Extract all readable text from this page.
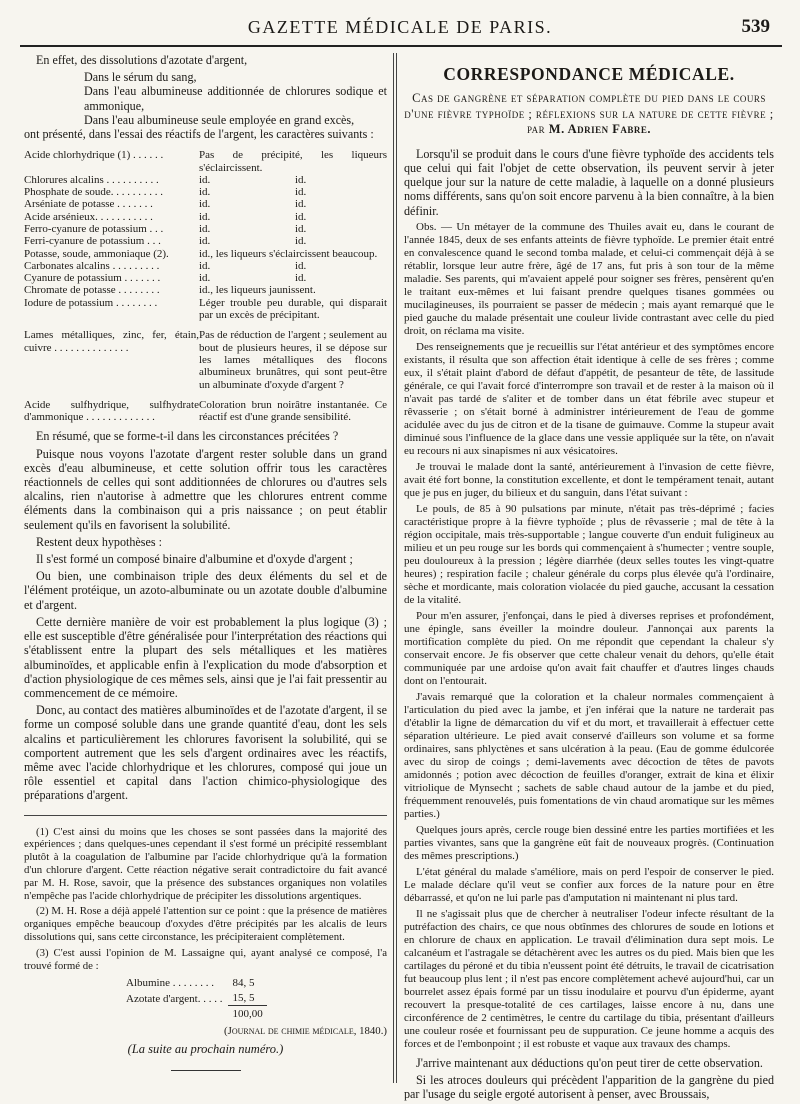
GAZETTE MÉDICALE DE PARIS.	539

En effet, des dissolutions d'azotate d'argent,

Dans le sérum du sang,

Dans l'eau albumineuse additionnée de chlorures sodique et ammonique,

Dans l'eau albumineuse seule employée en grand excès,

ont présenté, dans l'essai des réactifs de l'argent, les caractères suivants :

Acide chlorhydrique (1) . . . . . .	Pas de précipité, les liqueurs s'éclaircissent.	
Chlorures alcalins . . . . . . . . . .	id.	id.
Phosphate de soude. . . . . . . . . .	id.	id.
Arséniate de potasse . . . . . . .	id.	id.
Acide arsénieux. . . . . . . . . . .	id.	id.
Ferro-cyanure de potassium . . .	id.	id.
Ferri-cyanure de potassium . . .	id.	id.
Potasse, soude, ammoniaque (2).	id., les liqueurs s'éclaircissent beaucoup.	
Carbonates alcalins . . . . . . . . .	id.	id.
Cyanure de potassium . . . . . . .	id.	id.
Chromate de potasse . . . . . . . .	id., les liqueurs jaunissent.	
Iodure de potassium . . . . . . . .	Léger trouble peu durable, qui disparait par un excès de précipitant.	
Lames métalliques, zinc, fer, étain, cuivre . . . . . . . . . . . . . .	Pas de réduction de l'argent ; seulement au bout de plusieurs heures, il se dépose sur les lames métalliques des flocons albumineux brunâtres, qui sont peut-être un albuminate d'oxyde d'argent ?	
Acide sulfhydrique, sulfhydrate d'ammonique . . . . . . . . . . . . .	Coloration brun noirâtre instantanée. Ce réactif est d'une grande sensibilité.	

En résumé, que se forme-t-il dans les circonstances précitées ?

Puisque nous voyons l'azotate d'argent rester soluble dans un grand excès d'eau albumineuse, et cette solution offrir tous les caractères réactionnels de celles qui sont additionnées de chlorures ou d'autres sels alcalins, rien n'autorise à admettre que les chlorures entrent comme éléments dans la combinaison qui a pris naissance ; on peut établir seulement qu'ils en favorisent la solubilité.

Restent deux hypothèses :

Il s'est formé un composé binaire d'albumine et d'oxyde d'argent ;

Ou bien, une combinaison triple des deux éléments du sel et de l'élément protéique, un azoto-albuminate ou un azotate double d'albumine et d'argent.

Cette dernière manière de voir est probablement la plus logique (3) ; elle est susceptible d'être généralisée pour l'interprétation des réactions qui s'établissent entre la plupart des sels métalliques et les matières albuminoïdes, et applicable enfin à l'explication du mode d'absorption et d'action physiologique de ces mêmes sels, ainsi que je l'ai fait pressentir au commencement de ce mémoire.

Donc, au contact des matières albuminoïdes et de l'azotate d'argent, il se forme un composé soluble dans une grande quantité d'eau, dont les sels alcalins et particulièrement les chlorures favorisent la solubilité, qui se comportent autrement que les sels d'argent ordinaires avec les réactifs, même avec l'acide chlorhydrique et les chlorures, composé qui joue un rôle essentiel et capital dans l'action chimico-physiologique des préparations d'argent.

(1) C'est ainsi du moins que les choses se sont passées dans la majorité des expériences ; dans quelques-unes cependant il s'est formé un précipité ressemblant plutôt à la coagulation de l'albumine par l'acide chlorhydrique qu'à la formation d'un chlorure d'argent. Cette réaction négative serait contradictoire du fait avancé par M. H. Rose, savoir, que la présence des substances organiques non volatiles n'empêche pas l'acide chlorhydrique de précipiter les dissolutions argentiques.

(2) M. H. Rose a déjà appelé l'attention sur ce point : que la présence de matières organiques empêche beaucoup d'oxydes d'être précipités par les alcalis de leurs dissolutions qui, sans cette circonstance, les précipiteraient complètement.

(3) C'est aussi l'opinion de M. Lassaigne qui, ayant analysé ce composé, l'a trouvé formé de :

Albumine . . . . . . . .	84, 5
Azotate d'argent. . . . .	15, 5
	100,00
(Journal de chimie médicale, 1840.)
(La suite au prochain numéro.)
CORRESPONDANCE MÉDICALE.
Cas de gangrène et séparation complète du pied dans le cours d'une fièvre typhoïde ; réflexions sur la nature de cette fièvre ; par M. Adrien Fabre.

Lorsqu'il se produit dans le cours d'une fièvre typhoïde des accidents tels que celui qui fait l'objet de cette observation, ils peuvent servir à jeter quelque jour sur la nature de cette maladie, à laquelle on a donné plusieurs noms différents, sans qu'on soit encore parvenu à la bien connaître, à la bien définir.

Obs. — Un métayer de la commune des Thuiles avait eu, dans le courant de l'année 1845, deux de ses enfants atteints de fièvre typhoïde. Le premier était entré en convalescence quand le second tomba malade, et celui-ci commençait déjà à se rétablir, lorsque leur autre frère, âgé de 17 ans, fut pris à son tour de la même maladie. Ses parents, qui m'avaient appelé pour soigner ses frères, pensèrent qu'en le traitant eux-mêmes et lui faisant prendre quelques tisanes gommées ou mucilagineuses, ils pourraient se passer de médecin ; mais ayant remarqué que le pied gauche du malade présentait une couleur livide contrastant avec celle du pied droit, on réclama ma visite.

Des renseignements que je recueillis sur l'état antérieur et des symptômes encore existants, il résulta que son affection était identique à celle de ses frères ; comme eux, il s'était plaint d'abord de défaut d'appétit, de pesanteur de tête, de lassitude générale, ce qui l'avait forcé d'interrompre son travail et de rester à la maison où il n'avait pas tardé de s'aliter et de tomber dans un état fébrile avec stupeur et rêvasserie ; on s'était borné à administrer intérieurement de l'eau de gomme acidulée avec du jus de citron et de la tisane de guimauve. Comme la stupeur avait diminué sous l'influence de la glace dans une vessie appliquée sur la tête, on n'avait eu recours ni aux sinapismes ni aux vésicatoires.

Je trouvai le malade dont la santé, antérieurement à l'invasion de cette fièvre, avait été fort bonne, la constitution excellente, et dont le tempérament tenait, autant que je pus en juger, du bilieux et du sanguin, dans l'état suivant :

Le pouls, de 85 à 90 pulsations par minute, n'était pas très-déprimé ; facies caractéristique propre à la fièvre typhoïde ; plus de rêvasserie ; mal de tête à la région occipitale, mais très-supportable ; langue couverte d'un enduit fuligineux au milieu et un peu rouge sur les bords qui commençaient à s'humecter ; ventre souple, peu douloureux à la pression ; légère diarrhée (deux selles toutes les vingt-quatre heures) ; respiration facile ; chaleur générale du corps plus élevée qu'à l'ordinaire, sèche et mordicante, mais coloration violacée du pied gauche, accusant la cessation de la vitalité.

Pour m'en assurer, j'enfonçai, dans le pied à diverses reprises et profondément, une épingle, sans éveiller la moindre douleur. J'annonçai aux parents la mortification complète du pied. On me répondit que cependant la chaleur s'y conservait encore. Je fis observer que cette chaleur venait du dehors, qu'elle était communiquée par une ardoise qu'on avait fait chauffer et d'autres linges chauds dont on l'entourait.

J'avais remarqué que la coloration et la chaleur normales commençaient à l'articulation du pied avec la jambe, et j'en inférai que la nature ne tarderait pas d'établir la ligne de démarcation du vif et du mort, et travaillerait à effectuer cette séparation ultérieure. Le pied avait conservé d'ailleurs son volume et sa forme ordinaires, sans phlyctènes et sans ulcération à la peau. (Eau de gomme édulcorée avec du sirop de coings ; demi-lavements avec décoction de têtes de pavots amidonnés ; potion avec décoction de feuilles d'oranger, extrait de kina et élixir vitriolique de Mynsecht ; sachets de sable chaud autour de la jambe et du pied, fréquemment renouvelés, puis fomentations de vin chaud aromatique sur les mêmes parties.)

Quelques jours après, cercle rouge bien dessiné entre les parties mortifiées et les parties vivantes, sans que la gangrène eût fait de nouveaux progrès. (Continuation des mêmes prescriptions.)

L'état général du malade s'améliore, mais on perd l'espoir de conserver le pied. Le malade déclare qu'il veut se confier aux forces de la nature pour en être débarrassé, et qu'on ne lui parle pas d'amputation ni maintenant ni plus tard.

Il ne s'agissait plus que de chercher à neutraliser l'odeur infecte résultant de la putréfaction des chairs, ce que nous obtînmes des chlorures de soude en lotions et en chlorure de chaux en application. Le travail d'élimination dura sept mois. Le calcanéum et l'astragale se détachèrent avec les autres os du pied. Mais bien que les cartilages du péroné et du tibia n'eussent point été détruits, le travail de cicatrisation fut beaucoup plus lent ; il n'est pas encore complètement achevé aujourd'hui, car un bourrelet assez épais formé par un tissu inodulaire et pourvu d'un épiderme, ayant recouvert la presque-totalité de ces cartilages, laisse encore à nu, dans une circonférence de 2 centimètres, le centre du cartilage du tibia, présentant d'ailleurs une couleur rosée et fournissant peu de suppuration. Ce jeune homme a acquis des forces et de l'embonpoint ; il est robuste et vaque aux travaux des champs.

J'arrive maintenant aux déductions qu'on peut tirer de cette observation.

Si les atroces douleurs qui précèdent l'apparition de la gangrène du pied par l'usage du seigle ergoté autorisent à penser, avec Broussais,
